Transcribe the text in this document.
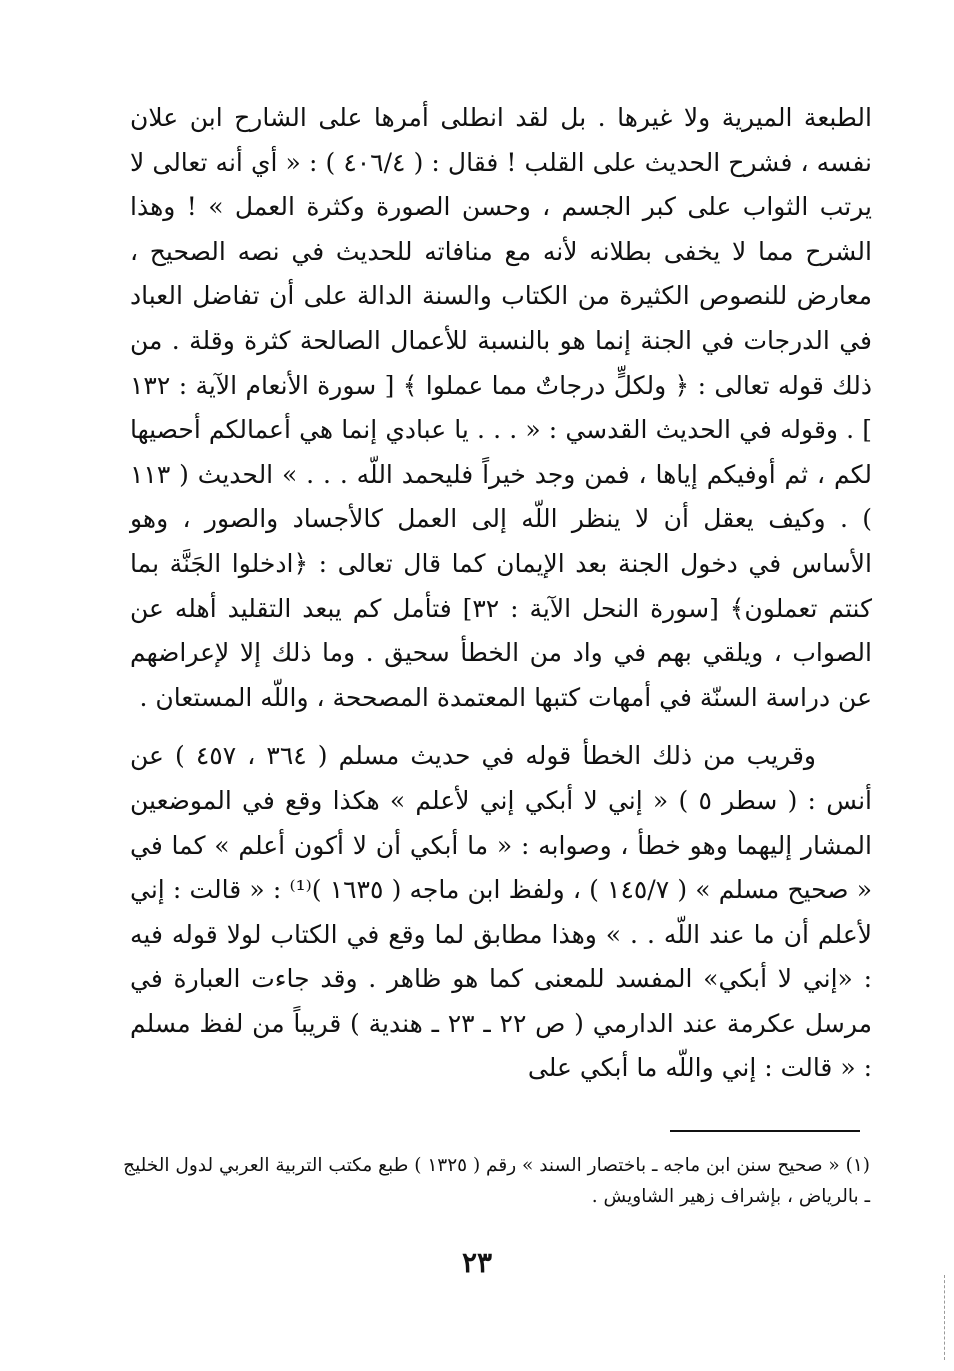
الطبعة الميرية ولا غيرها . بل لقد انطلى أمرها على الشارح ابن علان نفسه ، فشرح الحديث على القلب ! فقال : ( ٤٠٦/٤ ) : « أي أنه تعالى لا يرتب الثواب على كبر الجسم ، وحسن الصورة وكثرة العمل » ! وهذا الشرح مما لا يخفى بطلانه لأنه مع منافاته للحديث في نصه الصحيح ، معارض للنصوص الكثيرة من الكتاب والسنة الدالة على أن تفاضل العباد في الدرجات في الجنة إنما هو بالنسبة للأعمال الصالحة كثرة وقلة . من ذلك قوله تعالى : ﴿ ولكلٍّ درجاتٌ مما عملوا ﴾ [ سورة الأنعام الآية : ١٣٢ ] . وقوله في الحديث القدسي : « . . . يا عبادي إنما هي أعمالكم أحصيها لكم ، ثم أوفيكم إياها ، فمن وجد خيراً فليحمد اللّه . . . » الحديث ( ١١٣ ) . وكيف يعقل أن لا ينظر اللّه إلى العمل كالأجساد والصور ، وهو الأساس في دخول الجنة بعد الإيمان كما قال تعالى : ﴿ادخلوا الجَنَّة بما كنتم تعملون﴾ [سورة النحل الآية : ٣٢] فتأمل كم يبعد التقليد أهله عن الصواب ، ويلقي بهم في واد من الخطأ سحيق . وما ذلك إلا لإعراضهم عن دراسة السنّة في أمهات كتبها المعتمدة المصححة ، واللّه المستعان .

وقريب من ذلك الخطأ قوله في حديث مسلم ( ٣٦٤ ، ٤٥٧ ) عن أنس : ( سطر ٥ ) « إني لا أبكي إني لأعلم » هكذا وقع في الموضعين المشار إليهما وهو خطأ ، وصوابه : « ما أبكي أن لا أكون أعلم » كما في « صحيح مسلم » ( ١٤٥/٧ ) ، ولفظ ابن ماجه ( ١٦٣٥ )⁽¹⁾ : « قالت : إني لأعلم أن ما عند اللّه . . » وهذا مطابق لما وقع في الكتاب لولا قوله فيه : «إني لا أبكي» المفسد للمعنى كما هو ظاهر . وقد جاءت العبارة في مرسل عكرمة عند الدارمي ( ص ٢٢ ـ ٢٣ ـ هندية ) قريباً من لفظ مسلم : « قالت : إني واللّه ما أبكي على

(١) « صحيح سنن ابن ماجه ـ باختصار السند » رقم ( ١٣٢٥ ) طبع مكتب التربية العربي لدول الخليج ـ بالرياض ، بإشراف زهير الشاويش .

٢٣
